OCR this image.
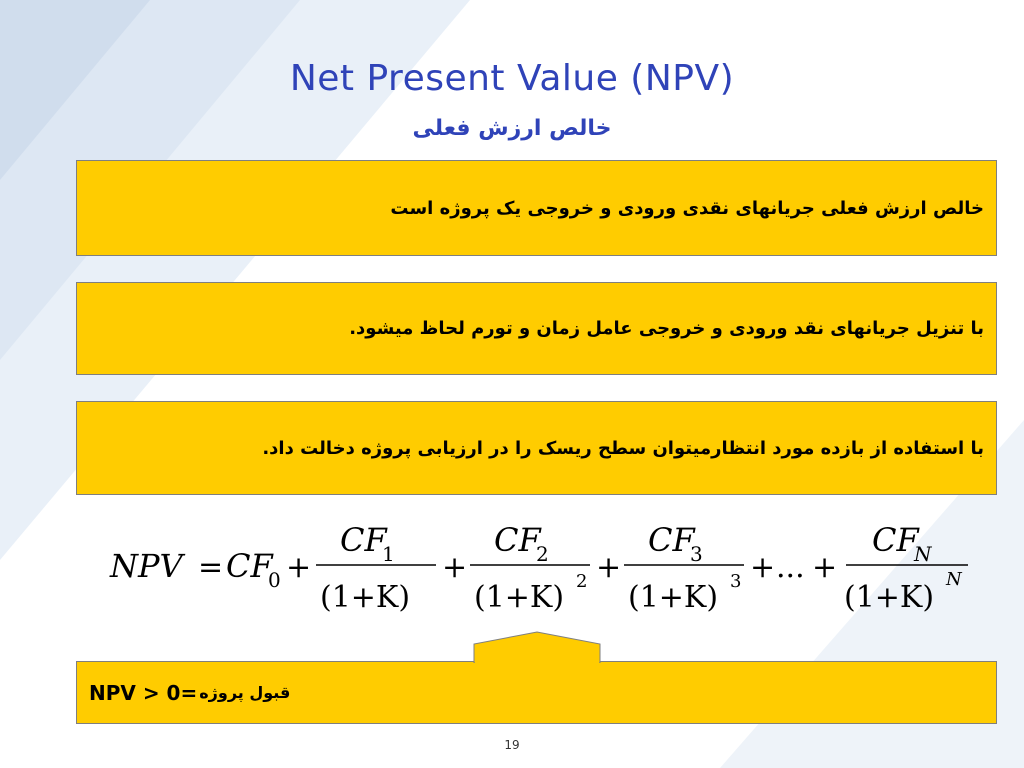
Net Present Value (NPV)
خالص ارزش فعلی
خالص ارزش فعلی جریانهای نقدی ورودی و خروجی یک پروژه است
با تنزیل جریانهای نقد ورودی و خروجی عامل زمان و تورم لحاظ میشود.
با استفاده از بازده مورد انتظارمیتوان سطح ریسک را در ارزیابی پروژه دخالت داد.
NPV = CF
0 +
CF
1
(1+K)
+
CF
2
(1+K) 2 +
CF
3
(1+K) 3 + ... +
CF
N
(1+K)
N
NPV > 0= قبول پروژه
19
